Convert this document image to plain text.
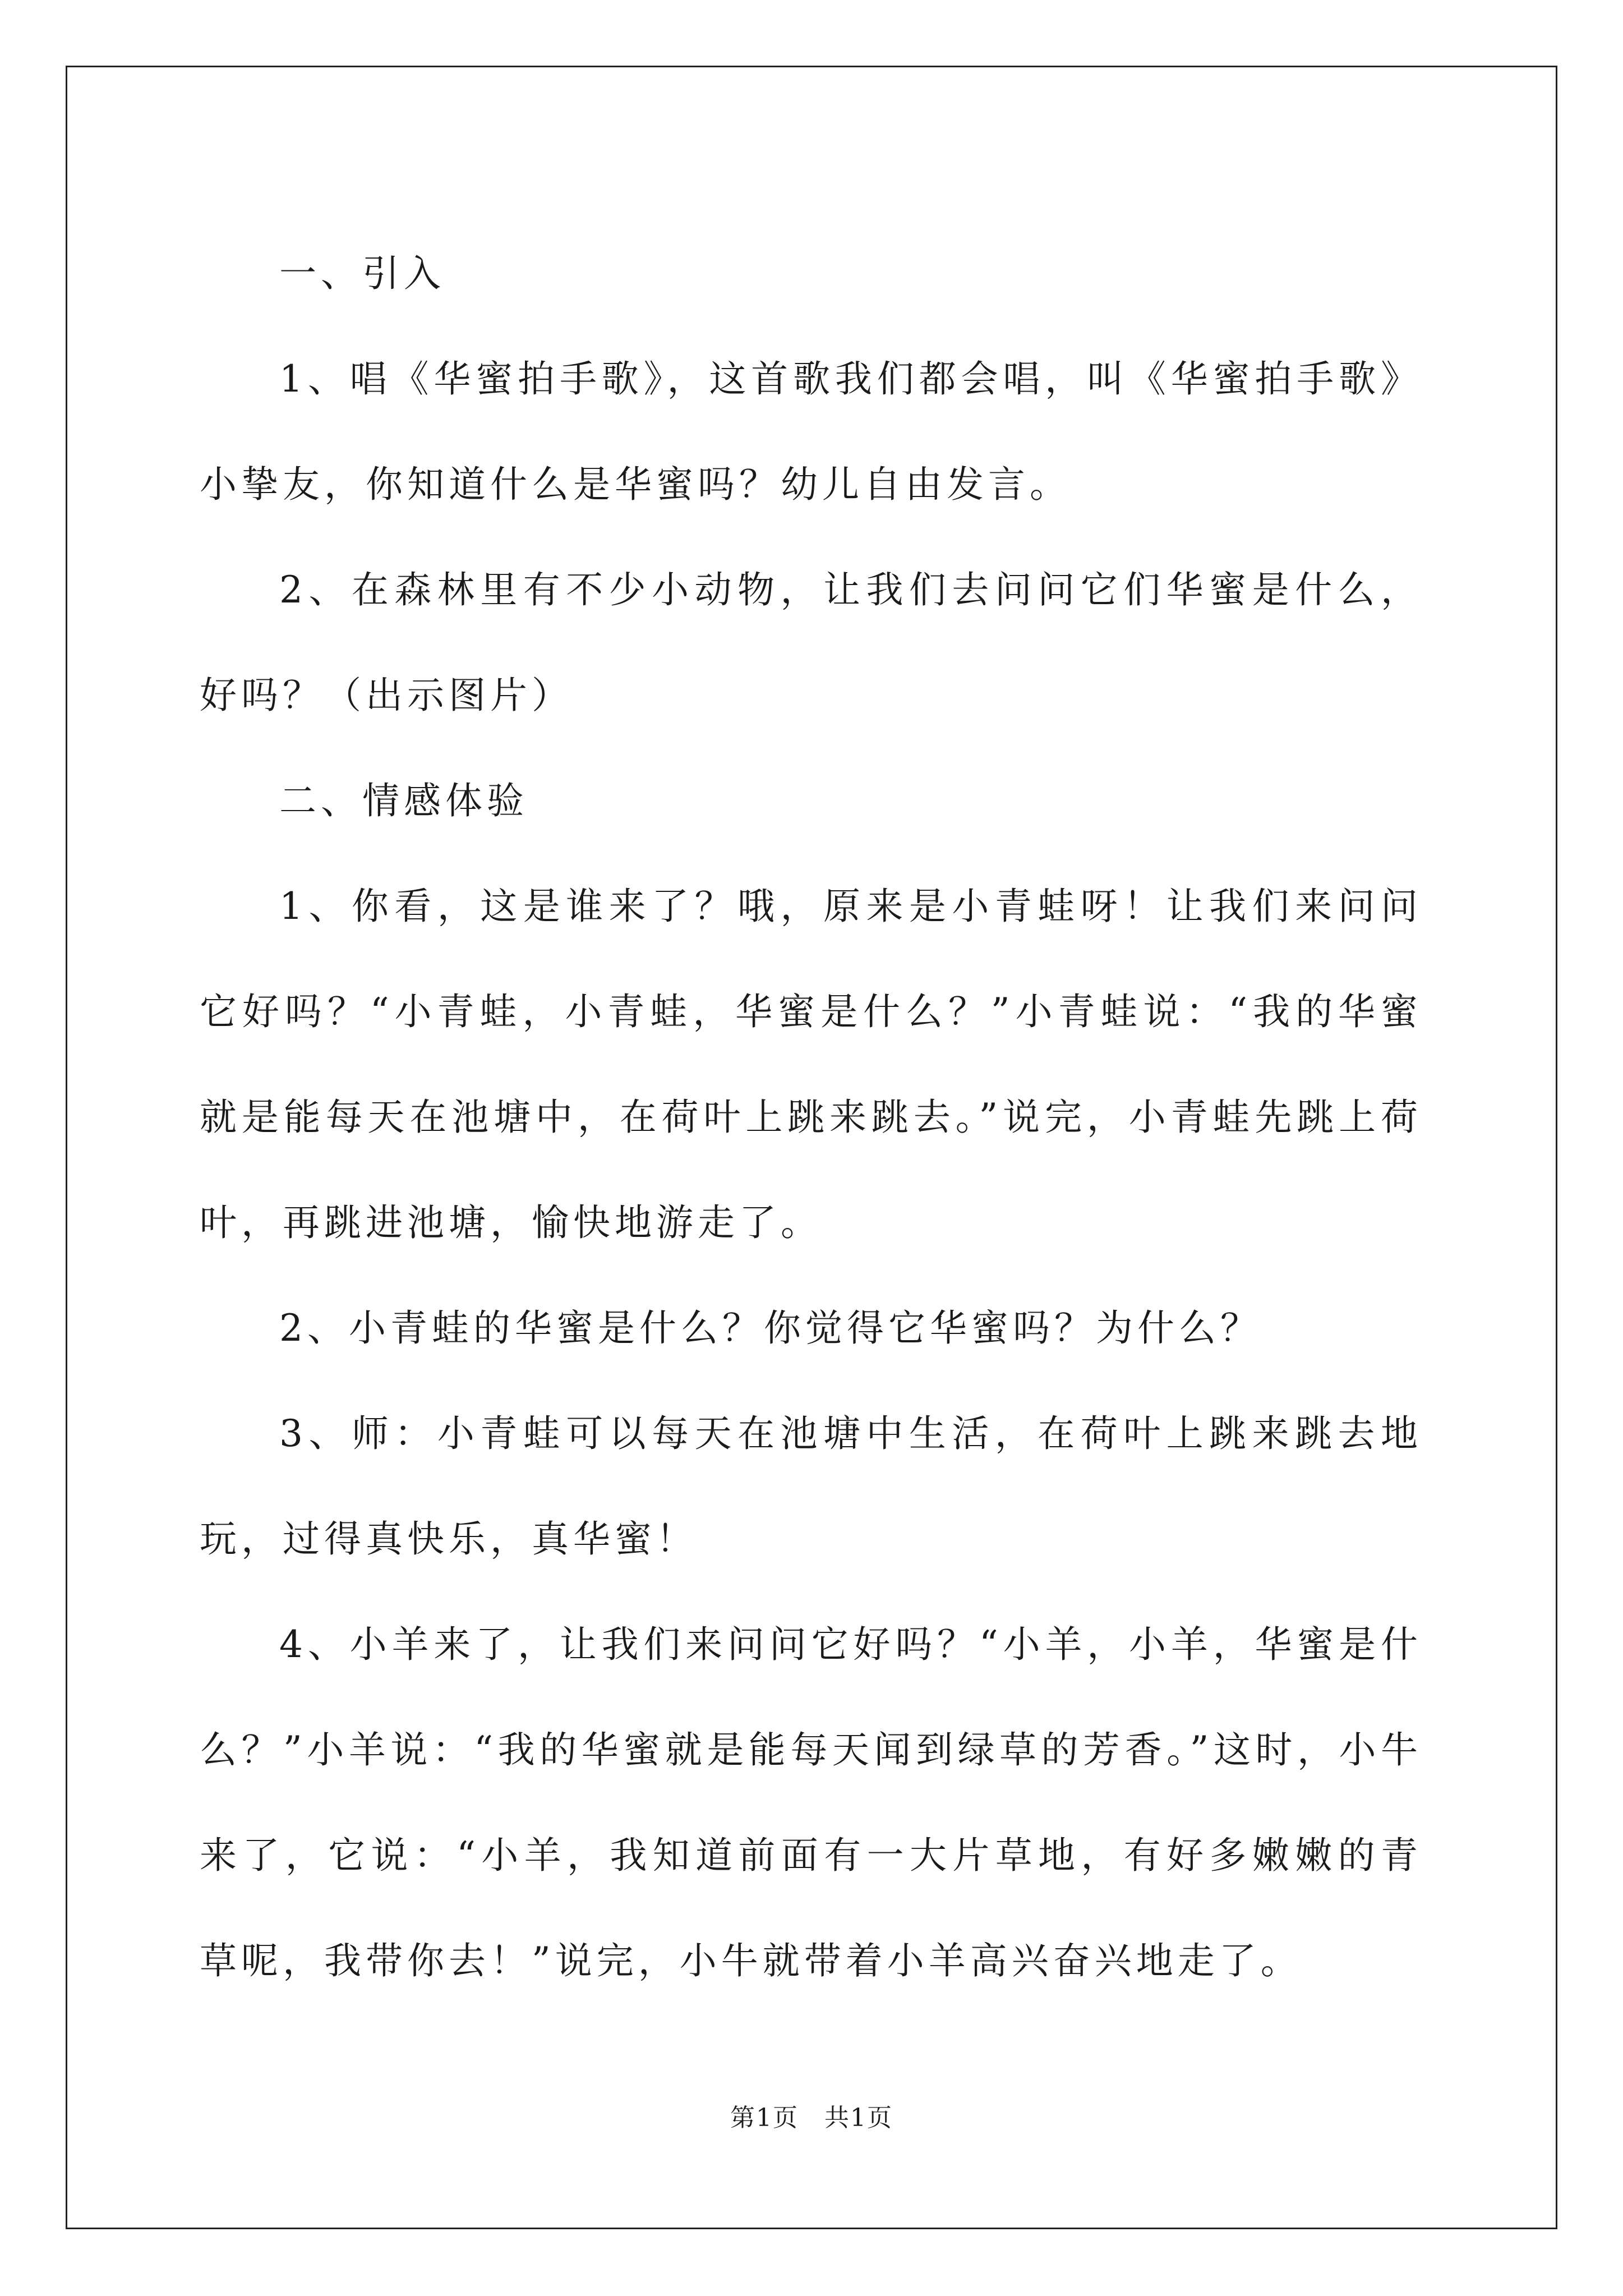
一、引入

1、唱《华蜜拍手歌》，这首歌我们都会唱，叫《华蜜拍手歌》小挚友，你知道什么是华蜜吗？幼儿自由发言。

2、在森林里有不少小动物，让我们去问问它们华蜜是什么，好吗？（出示图片）

二、情感体验

1、你看，这是谁来了？哦，原来是小青蛙呀！让我们来问问它好吗？“小青蛙，小青蛙，华蜜是什么？”小青蛙说：“我的华蜜就是能每天在池塘中，在荷叶上跳来跳去。”说完，小青蛙先跳上荷叶，再跳进池塘，愉快地游走了。

2、小青蛙的华蜜是什么？你觉得它华蜜吗？为什么？

3、师：小青蛙可以每天在池塘中生活，在荷叶上跳来跳去地玩，过得真快乐，真华蜜！

4、小羊来了，让我们来问问它好吗？“小羊，小羊，华蜜是什么？”小羊说：“我的华蜜就是能每天闻到绿草的芳香。”这时，小牛来了，它说：“小羊，我知道前面有一大片草地，有好多嫩嫩的青草呢，我带你去！”说完，小牛就带着小羊高兴奋兴地走了。

第1页　共1页
